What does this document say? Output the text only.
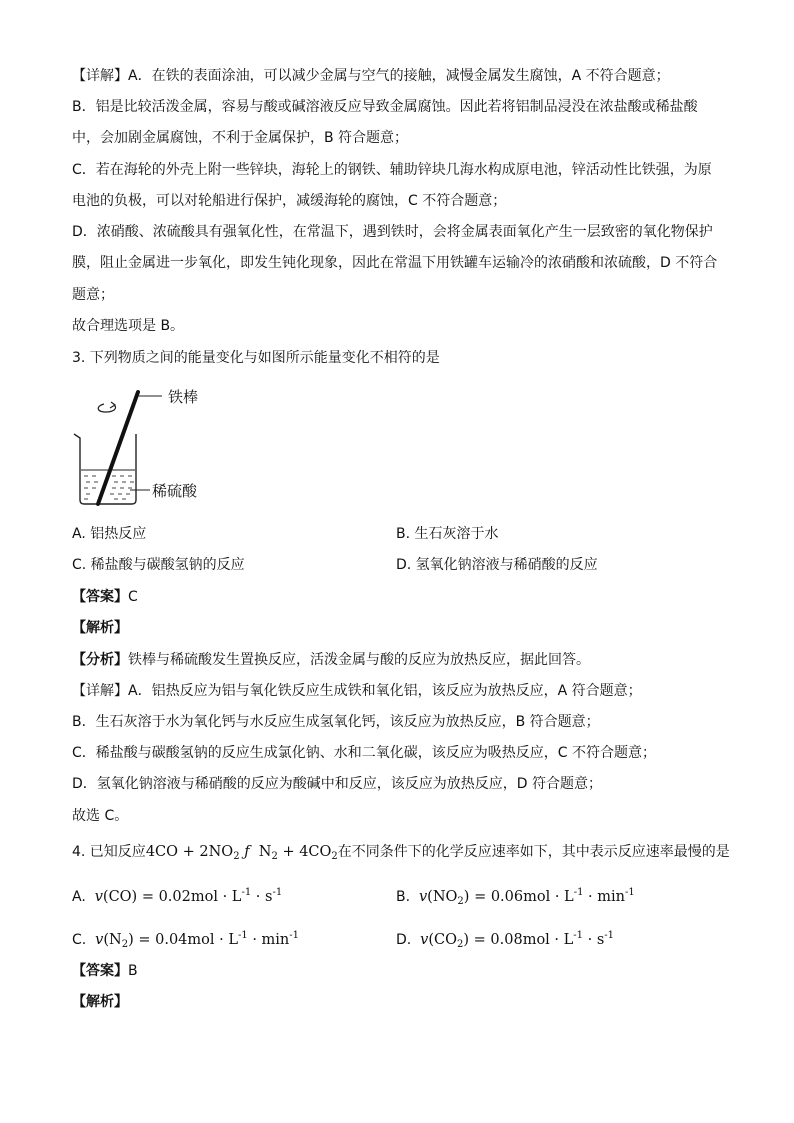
【详解】A．在铁的表面涂油，可以减少金属与空气的接触，减慢金属发生腐蚀，A 不符合题意；
B．铝是比较活泼金属，容易与酸或碱溶液反应导致金属腐蚀。因此若将铝制品浸没在浓盐酸或稀盐酸
中，会加剧金属腐蚀，不利于金属保护，B 符合题意；
C．若在海轮的外壳上附一些锌块，海轮上的钢铁、辅助锌块几海水构成原电池，锌活动性比铁强，为原
电池的负极，可以对轮船进行保护，减缓海轮的腐蚀，C 不符合题意；
D．浓硝酸、浓硫酸具有强氧化性，在常温下，遇到铁时，会将金属表面氧化产生一层致密的氧化物保护
膜，阻止金属进一步氧化，即发生钝化现象，因此在常温下用铁罐车运输冷的浓硝酸和浓硫酸，D 不符合
题意；
故合理选项是 B。
3. 下列物质之间的能量变化与如图所示能量变化不相符的是
铁棒
稀硫酸
A. 铝热反应	B. 生石灰溶于水
C. 稀盐酸与碳酸氢钠的反应	D. 氢氧化钠溶液与稀硝酸的反应
【答案】C
【解析】
【分析】铁棒与稀硫酸发生置换反应，活泼金属与酸的反应为放热反应，据此回答。
【详解】A．铝热反应为铝与氧化铁反应生成铁和氧化铝，该反应为放热反应，A 符合题意；
B．生石灰溶于水为氧化钙与水反应生成氢氧化钙，该反应为放热反应，B 符合题意；
C．稀盐酸与碳酸氢钠的反应生成氯化钠、水和二氧化碳，该反应为吸热反应，C 不符合题意；
D．氢氧化钠溶液与稀硝酸的反应为酸碱中和反应，该反应为放热反应，D 符合题意；
故选 C。
4. 已知反应$4CO + 2NO_2$ ƒ $N_2 + 4CO_2$在不同条件下的化学反应速率如下，其中表示反应速率最慢的是
A. $v(CO) = 0.02mol \cdot L^{-1} \cdot s^{-1}$	B. $v(NO_2) = 0.06mol \cdot L^{-1} \cdot \min^{-1}$
C. $v(N_2) = 0.04mol \cdot L^{-1} \cdot \min^{-1}$	D. $v(CO_2) = 0.08mol \cdot L^{-1} \cdot s^{-1}$
【答案】B
【解析】
